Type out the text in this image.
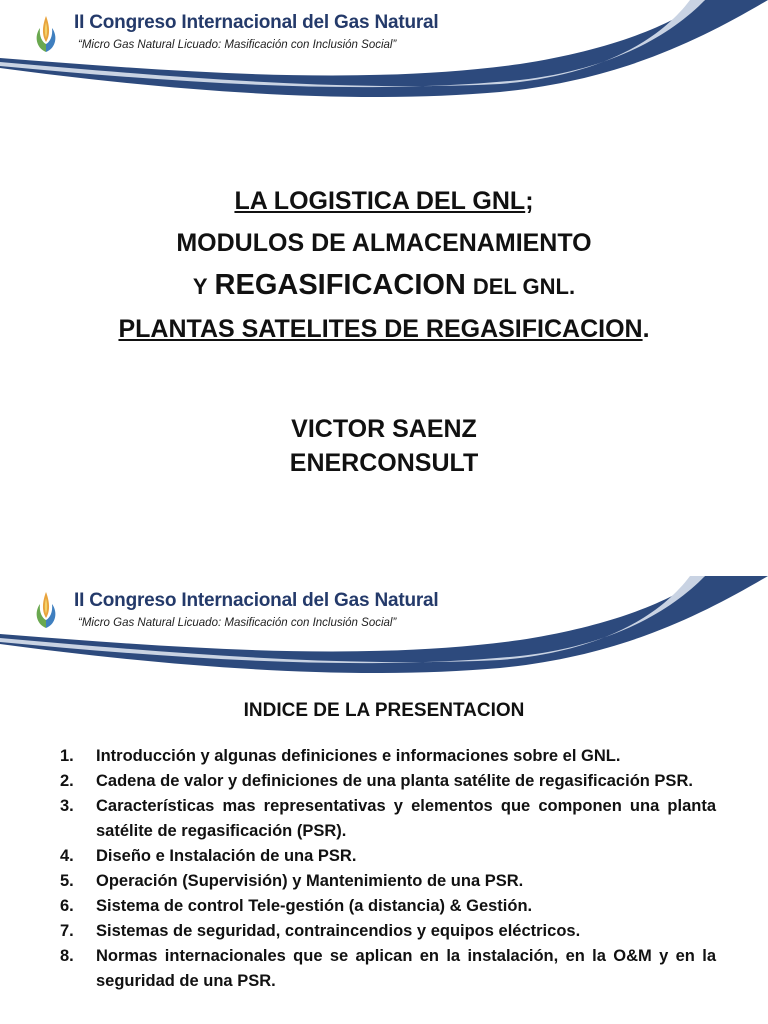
II Congreso Internacional del Gas Natural
“Micro Gas Natural Licuado: Masificación con Inclusión Social”
LA LOGISTICA DEL GNL;
MODULOS DE ALMACENAMIENTO
Y REGASIFICACION DEL GNL.
PLANTAS SATELITES DE REGASIFICACION.
VICTOR SAENZ
ENERCONSULT
II Congreso Internacional del Gas Natural
“Micro Gas Natural Licuado: Masificación con Inclusión Social”
INDICE DE LA PRESENTACION
1. Introducción y algunas definiciones e informaciones sobre el GNL.
2. Cadena de valor y definiciones de una planta satélite de regasificación PSR.
3. Características mas representativas y elementos que componen una planta satélite de regasificación (PSR).
4. Diseño e Instalación de una PSR.
5. Operación (Supervisión) y Mantenimiento de una PSR.
6. Sistema de control Tele-gestión (a distancia) & Gestión.
7. Sistemas de seguridad, contraincendios y equipos eléctricos.
8. Normas internacionales que se aplican en la instalación, en la O&M y en la seguridad de una PSR.
